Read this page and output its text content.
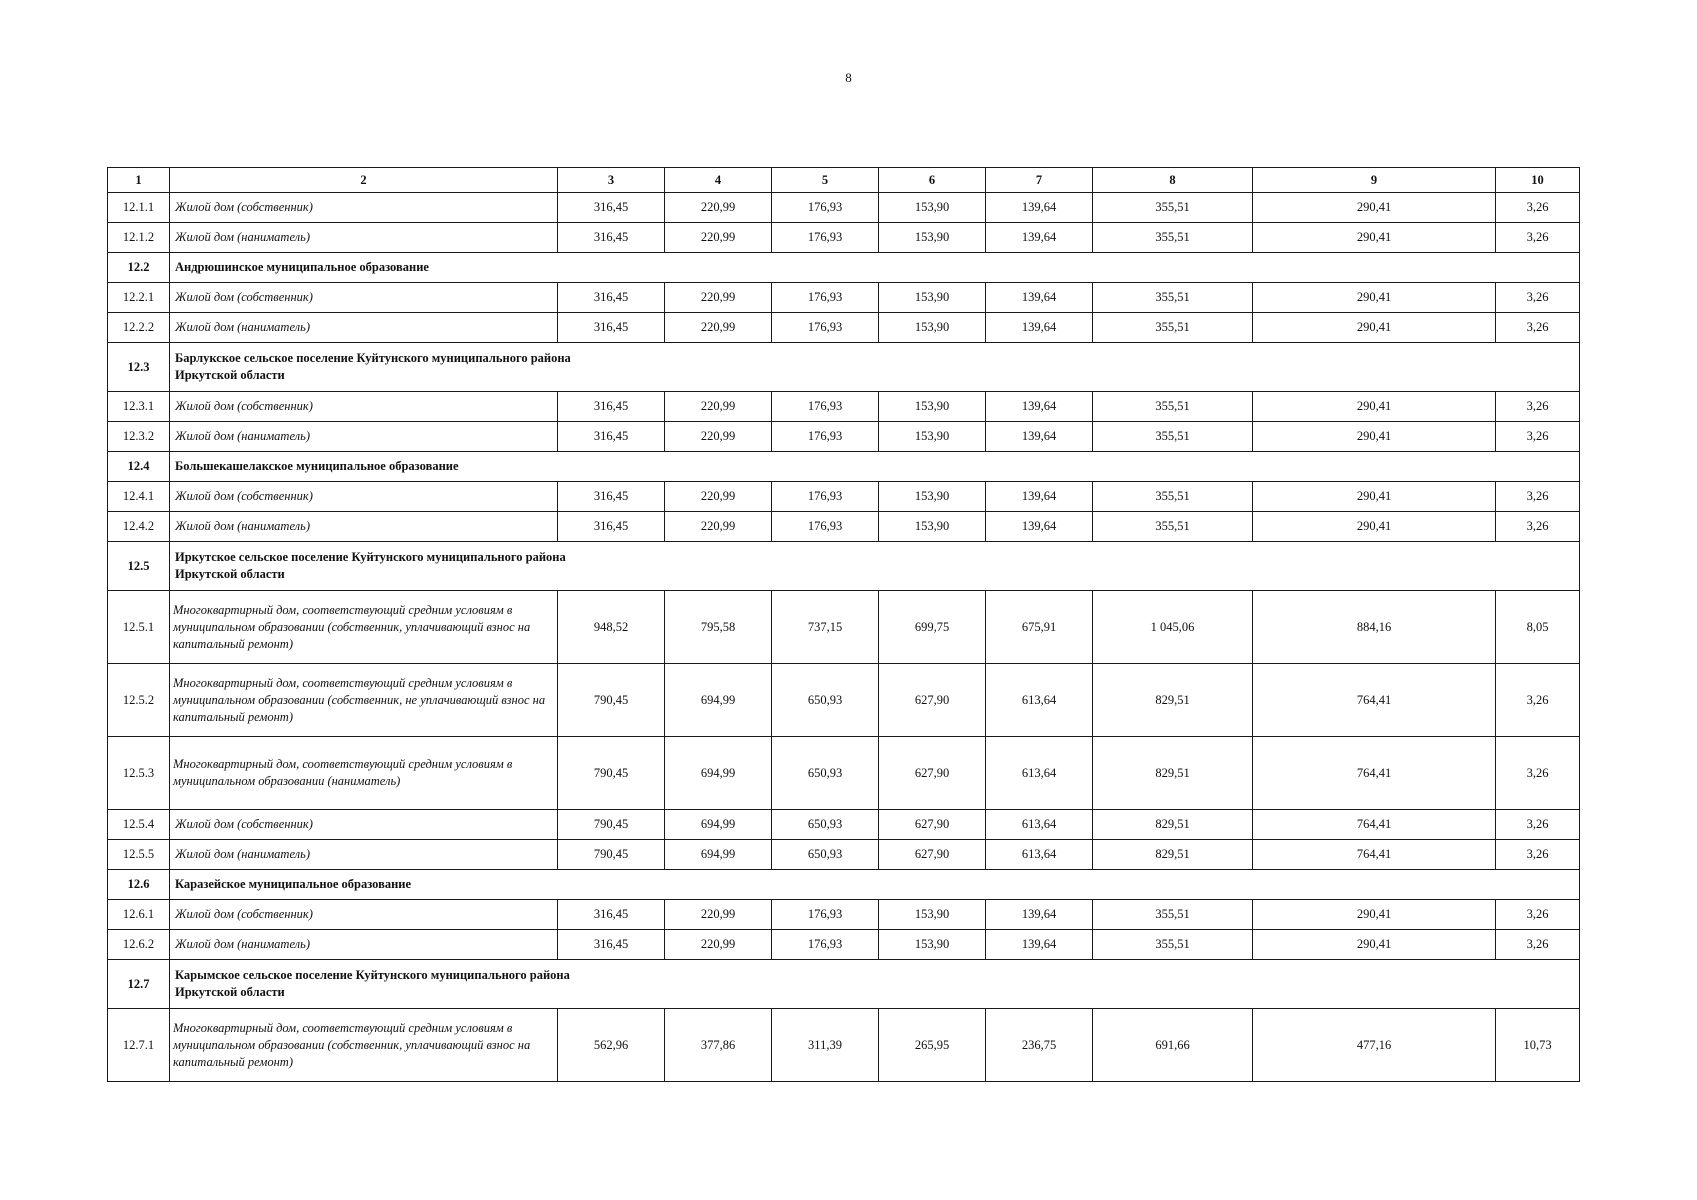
8
1	2	3	4	5	6	7	8	9	10
12.1.1	Жилой дом (собственник)	316,45	220,99	176,93	153,90	139,64	355,51	290,41	3,26
12.1.2	Жилой дом (наниматель)	316,45	220,99	176,93	153,90	139,64	355,51	290,41	3,26
12.2	Андрюшинское муниципальное образование								

12.2.1	Жилой дом (собственник)	316,45	220,99	176,93	153,90	139,64	355,51	290,41	3,26
12.2.2	Жилой дом (наниматель)	316,45	220,99	176,93	153,90	139,64	355,51	290,41	3,26
12.3	Барлукское сельское поселение Куйтунского муниципального района Иркутской области								

12.3.1	Жилой дом (собственник)	316,45	220,99	176,93	153,90	139,64	355,51	290,41	3,26
12.3.2	Жилой дом (наниматель)	316,45	220,99	176,93	153,90	139,64	355,51	290,41	3,26
12.4	Большекашелакское муниципальное образование								

12.4.1	Жилой дом (собственник)	316,45	220,99	176,93	153,90	139,64	355,51	290,41	3,26
12.4.2	Жилой дом (наниматель)	316,45	220,99	176,93	153,90	139,64	355,51	290,41	3,26
12.5	Иркутское сельское поселение Куйтунского муниципального района Иркутской области								

12.5.1	Многоквартирный дом, соответствующий средним условиям в муниципальном образовании (собственник, уплачивающий взнос на капитальный ремонт)	948,52	795,58	737,15	699,75	675,91	1 045,06	884,16	8,05
12.5.2	Многоквартирный дом, соответствующий средним условиям в муниципальном образовании (собственник, не уплачивающий взнос на капитальный ремонт)	790,45	694,99	650,93	627,90	613,64	829,51	764,41	3,26
12.5.3	Многоквартирный дом, соответствующий средним условиям в муниципальном образовании (наниматель)	790,45	694,99	650,93	627,90	613,64	829,51	764,41	3,26
12.5.4	Жилой дом (собственник)	790,45	694,99	650,93	627,90	613,64	829,51	764,41	3,26
12.5.5	Жилой дом (наниматель)	790,45	694,99	650,93	627,90	613,64	829,51	764,41	3,26
12.6	Каразейское муниципальное образование								

12.6.1	Жилой дом (собственник)	316,45	220,99	176,93	153,90	139,64	355,51	290,41	3,26
12.6.2	Жилой дом (наниматель)	316,45	220,99	176,93	153,90	139,64	355,51	290,41	3,26
12.7	Карымское сельское поселение Куйтунского муниципального района Иркутской области								

12.7.1	Многоквартирный дом, соответствующий средним условиям в муниципальном образовании (собственник, уплачивающий взнос на капитальный ремонт)	562,96	377,86	311,39	265,95	236,75	691,66	477,16	10,73
